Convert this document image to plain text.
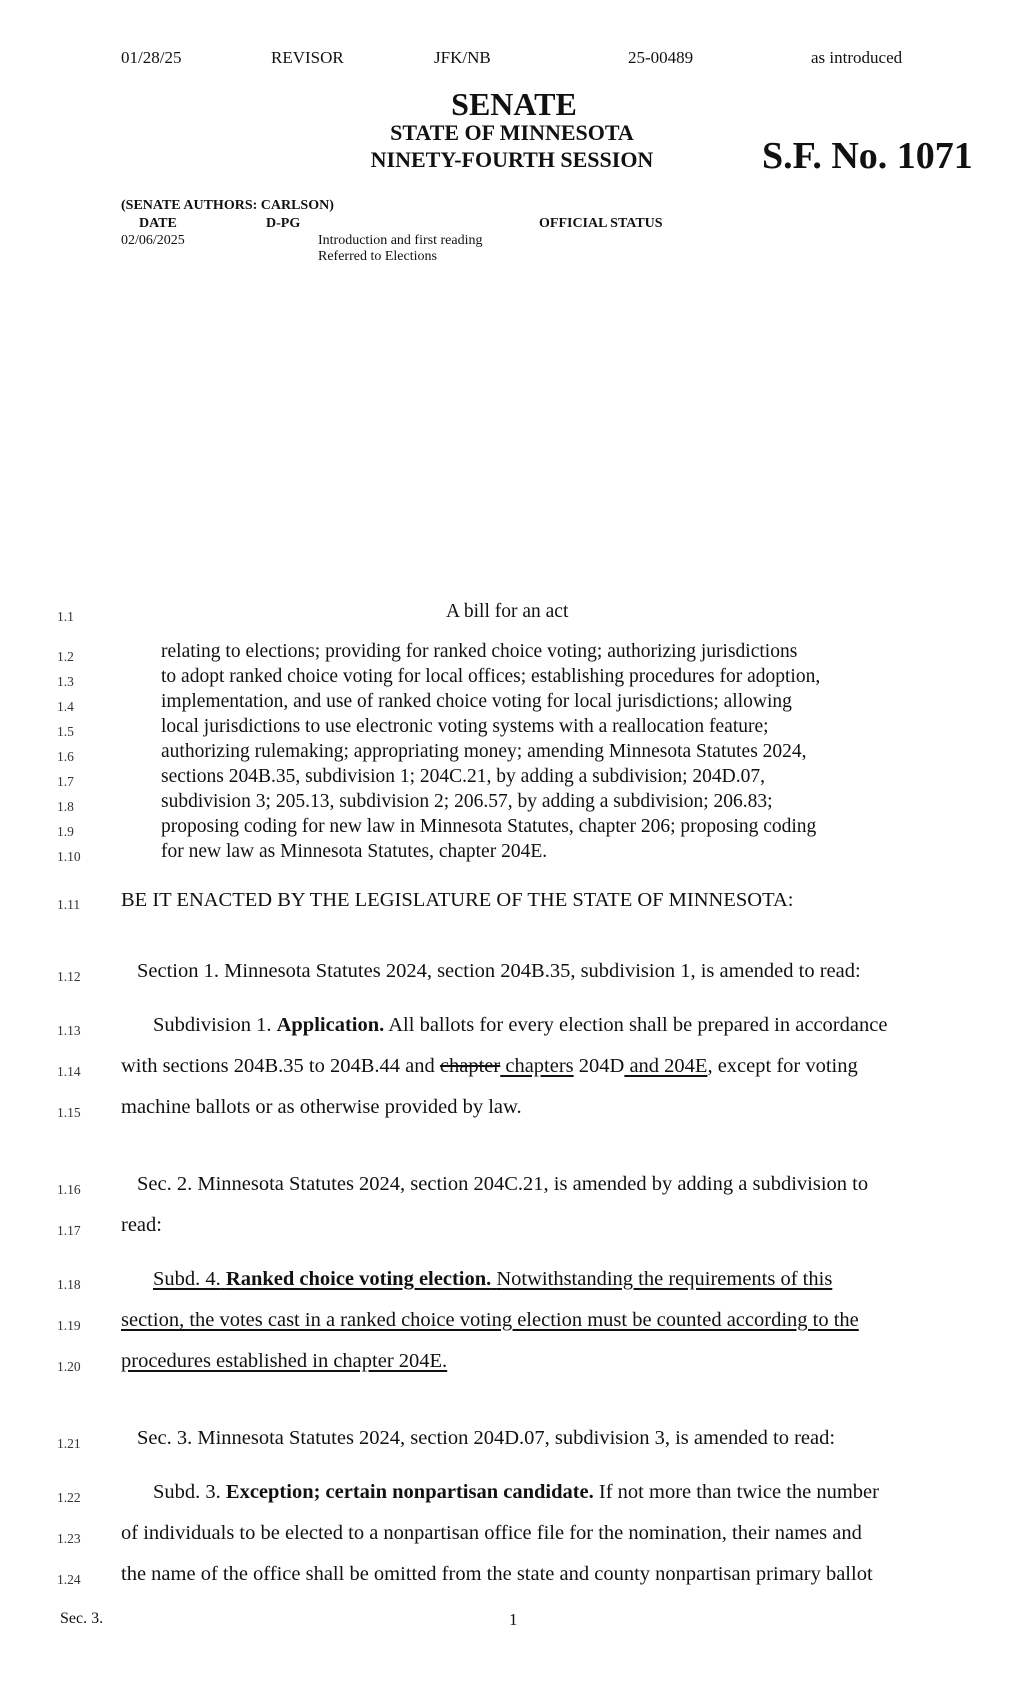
01/28/25	REVISOR	JFK/NB	25-00489	as introduced
SENATE
STATE OF MINNESOTA
NINETY-FOURTH SESSION	S.F. No. 1071
(SENATE AUTHORS: CARLSON)
DATE	D-PG	OFFICIAL STATUS
02/06/2025	Introduction and first reading
Referred to Elections
1.1	A bill for an act
1.2	relating to elections; providing for ranked choice voting; authorizing jurisdictions
1.3	to adopt ranked choice voting for local offices; establishing procedures for adoption,
1.4	implementation, and use of ranked choice voting for local jurisdictions; allowing
1.5	local jurisdictions to use electronic voting systems with a reallocation feature;
1.6	authorizing rulemaking; appropriating money; amending Minnesota Statutes 2024,
1.7	sections 204B.35, subdivision 1; 204C.21, by adding a subdivision; 204D.07,
1.8	subdivision 3; 205.13, subdivision 2; 206.57, by adding a subdivision; 206.83;
1.9	proposing coding for new law in Minnesota Statutes, chapter 206; proposing coding
1.10	for new law as Minnesota Statutes, chapter 204E.
1.11 BE IT ENACTED BY THE LEGISLATURE OF THE STATE OF MINNESOTA:
1.12	Section 1. Minnesota Statutes 2024, section 204B.35, subdivision 1, is amended to read:
1.13	Subdivision 1. Application. All ballots for every election shall be prepared in accordance
1.14 with sections 204B.35 to 204B.44 and chapter chapters 204D and 204E, except for voting
1.15 machine ballots or as otherwise provided by law.
1.16	Sec. 2. Minnesota Statutes 2024, section 204C.21, is amended by adding a subdivision to
1.17 read:
1.18	Subd. 4. Ranked choice voting election. Notwithstanding the requirements of this
1.19 section, the votes cast in a ranked choice voting election must be counted according to the
1.20 procedures established in chapter 204E.
1.21	Sec. 3. Minnesota Statutes 2024, section 204D.07, subdivision 3, is amended to read:
1.22	Subd. 3. Exception; certain nonpartisan candidate. If not more than twice the number
1.23 of individuals to be elected to a nonpartisan office file for the nomination, their names and
1.24 the name of the office shall be omitted from the state and county nonpartisan primary ballot
Sec. 3.	1
